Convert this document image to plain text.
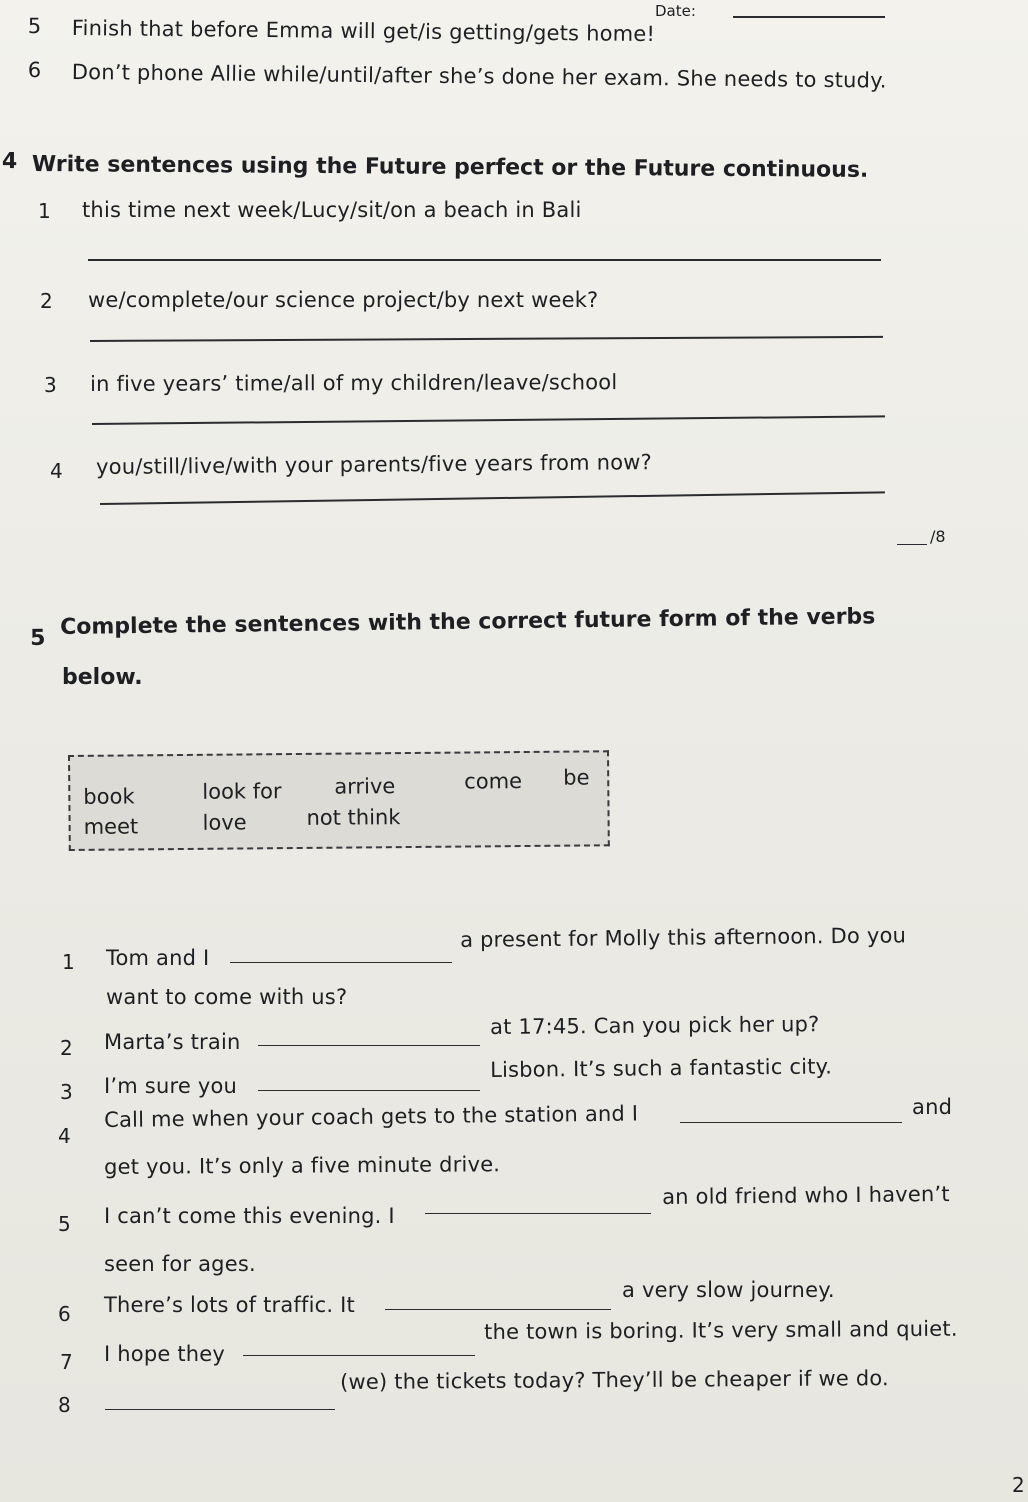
Date:
5 Finish that before Emma will get/is getting/gets home!
6 Don’t phone Allie while/until/after she’s done her exam. She needs to study.
4 Write sentences using the Future perfect or the Future continuous.
1 this time next week/Lucy/sit/on a beach in Bali
2 we/complete/our science project/by next week?
3 in five years’ time/all of my children/leave/school
4 you/still/live/with your parents/five years from now?
/8
5 Complete the sentences with the correct future form of the verbs
below.
book	look for	arrive	come be
meet	love	not think
1 Tom and I
a present for Molly this afternoon. Do you
want to come with us?
2 Marta’s train
at 17:45. Can you pick her up?
3 I’m sure you
Lisbon. It’s such a fantastic city.
4
Call me when your coach gets to the station and I	and
get you. It’s only a five minute drive.
5 I can’t come this evening. I
an old friend who I haven’t
seen for ages.
6 There’s lots of traffic. It
a very slow journey.
7 I hope they
the town is boring. It’s very small and quiet.
8
(we) the tickets today? They’ll be cheaper if we do.
2
